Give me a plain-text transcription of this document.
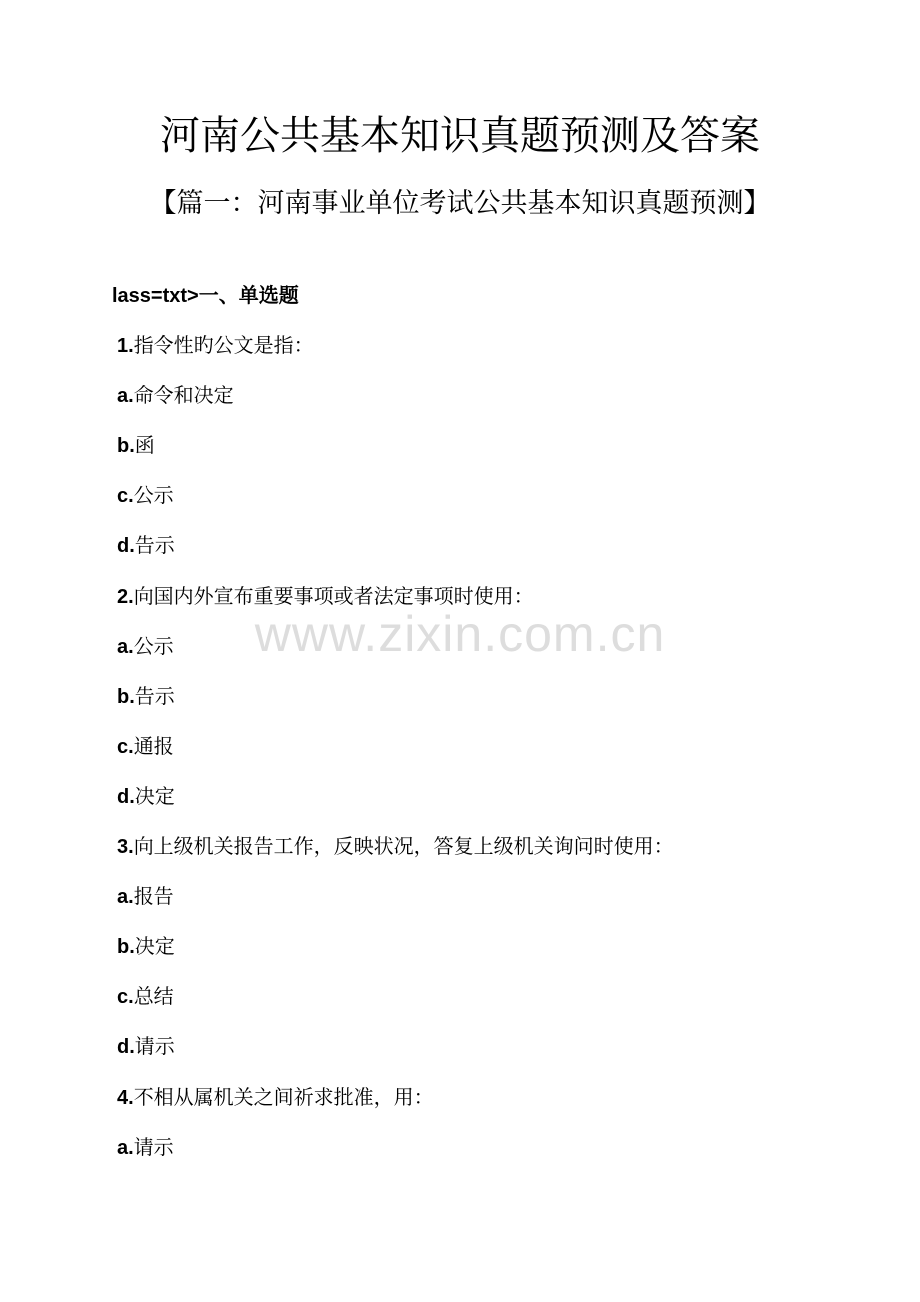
河南公共基本知识真题预测及答案
【篇一：河南事业单位考试公共基本知识真题预测】
lass=txt>一、单选题
www.zixin.com.cn
1.指令性旳公文是指：
a.命令和决定
b.函
c.公示
d.告示
2.向国内外宣布重要事项或者法定事项时使用：
a.公示
b.告示
c.通报
d.决定
3.向上级机关报告工作，反映状况，答复上级机关询问时使用：
a.报告
b.决定
c.总结
d.请示
4.不相从属机关之间祈求批准，用：
a.请示
